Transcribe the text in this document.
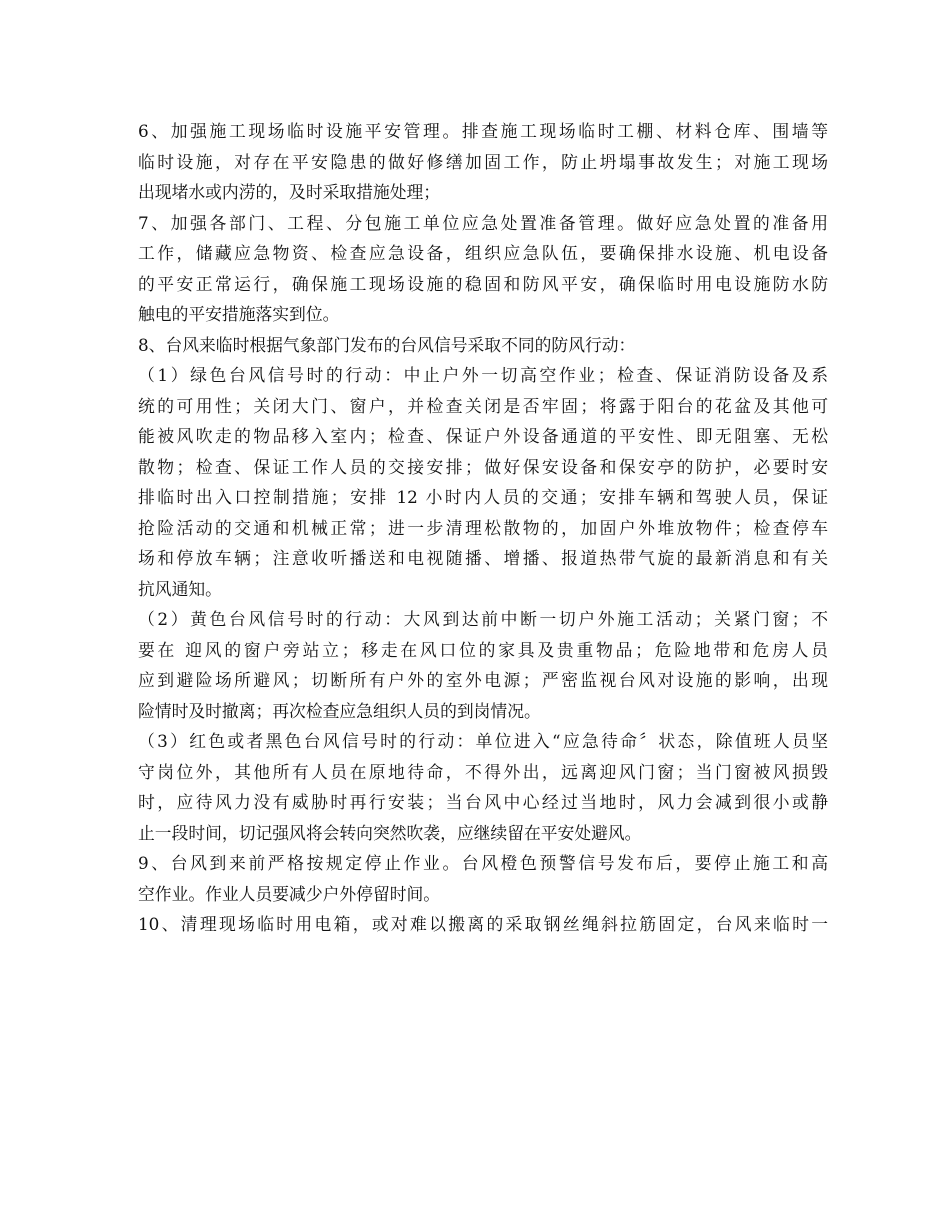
6、加强施工现场临时设施平安管理。排查施工现场临时工棚、材料仓库、围墙等
临时设施，对存在平安隐患的做好修缮加固工作，防止坍塌事故发生；对施工现场
出现堵水或内涝的，及时采取措施处理；
7、加强各部门、工程、分包施工单位应急处置准备管理。做好应急处置的准备用
工作，储藏应急物资、检查应急设备，组织应急队伍，要确保排水设施、机电设备
的平安正常运行，确保施工现场设施的稳固和防风平安，确保临时用电设施防水防
触电的平安措施落实到位。
8、台风来临时根据气象部门发布的台风信号采取不同的防风行动：
（1）绿色台风信号时的行动：中止户外一切高空作业；检查、保证消防设备及系
统的可用性；关闭大门、窗户，并检查关闭是否牢固；将露于阳台的花盆及其他可
能被风吹走的物品移入室内；检查、保证户外设备通道的平安性、即无阻塞、无松
散物；检查、保证工作人员的交接安排；做好保安设备和保安亭的防护，必要时安
排临时出入口控制措施；安排 12 小时内人员的交通；安排车辆和驾驶人员，保证
抢险活动的交通和机械正常；进一步清理松散物的，加固户外堆放物件；检查停车
场和停放车辆；注意收听播送和电视随播、增播、报道热带气旋的最新消息和有关
抗风通知。
（2）黄色台风信号时的行动：大风到达前中断一切户外施工活动；关紧门窗；不
要在 迎风的窗户旁站立；移走在风口位的家具及贵重物品；危险地带和危房人员
应到避险场所避风；切断所有户外的室外电源；严密监视台风对设施的影响，出现
险情时及时撤离；再次检查应急组织人员的到岗情况。
（3）红色或者黑色台风信号时的行动：单位进入“应急待命〞状态，除值班人员坚
守岗位外，其他所有人员在原地待命，不得外出，远离迎风门窗；当门窗被风损毁
时，应待风力没有威胁时再行安装；当台风中心经过当地时，风力会减到很小或静
止一段时间，切记强风将会转向突然吹袭，应继续留在平安处避风。
9、台风到来前严格按规定停止作业。台风橙色预警信号发布后，要停止施工和高
空作业。作业人员要减少户外停留时间。
10、清理现场临时用电箱，或对难以搬离的采取钢丝绳斜拉筋固定，台风来临时一
